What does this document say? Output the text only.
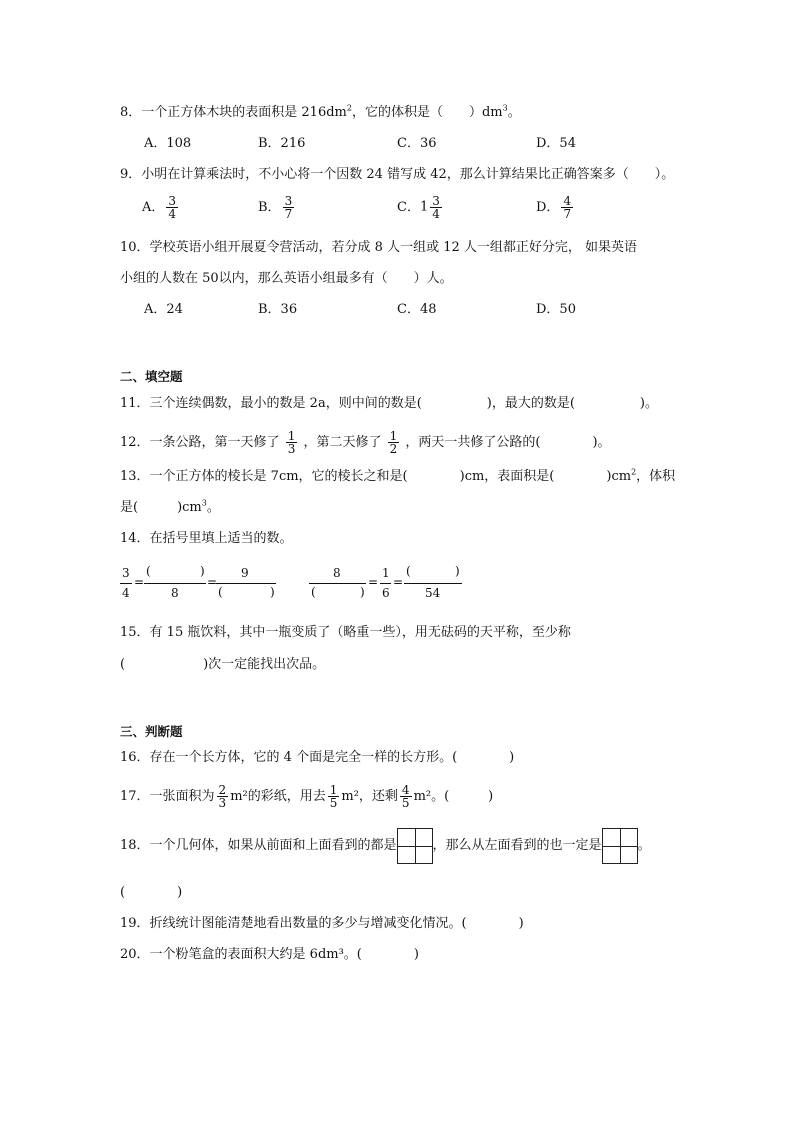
8．一个正方体木块的表面积是 $216dm^2$，它的体积是（　　）$dm^3$。
A．108	B．216	C．36	D．54
9．小明在计算乘法时，不小心将一个因数 24 错写成 42，那么计算结果比正确答案多（　　）。
A． $\frac{3}{4}$	B． $\frac{3}{7}$	C．$1 \frac{3}{4}$	D． $\frac{4}{7}$
10．学校英语小组开展夏令营活动，若分成 8 人一组或 12 人一组都正好分完， 如果英语
小组的人数在 50以内，那么英语小组最多有（　　）人。
A．24	B．36	C．48	D．50
二、填空题
11．三个连续偶数，最小的数是 2a，则中间的数是(　　　　　)，最大的数是(　　　　　)。
12．一条公路，第一天修了 $\frac{1}{3}$ ，第二天修了 $\frac{1}{2}$ ，两天一共修了公路的(　　　　)。
13．一个正方体的棱长是 7cm，它的棱长之和是(　　　　)cm，表面积是(　　　　)$cm^2$，体积
是(　　　)$cm^3$。
14．在括号里填上适当的数。
3
4
=
(	)
8
=
9
(	)
8
(	)
=
1
6
=
(	)
54
15．有 15 瓶饮料，其中一瓶变质了（略重一些），用无砝码的天平称，至少称
(　　　　　　)次一定能找出次品。
三、判断题
16．存在一个长方体，它的 4 个面是完全一样的长方形。(　　　　)
17．一张面积为 $\frac{2}{3} m^2$的彩纸，用去 $\frac{1}{5} m^2$，还剩 $\frac{4}{5} m^2$。(　　　)
18．一个几何体，如果从前面和上面看到的都是	，那么从左面看到的也一定是	。
(　　　　)
19．折线统计图能清楚地看出数量的多少与增减变化情况。(　　　　)
20．一个粉笔盒的表面积大约是 6dm³。(　　　　)
